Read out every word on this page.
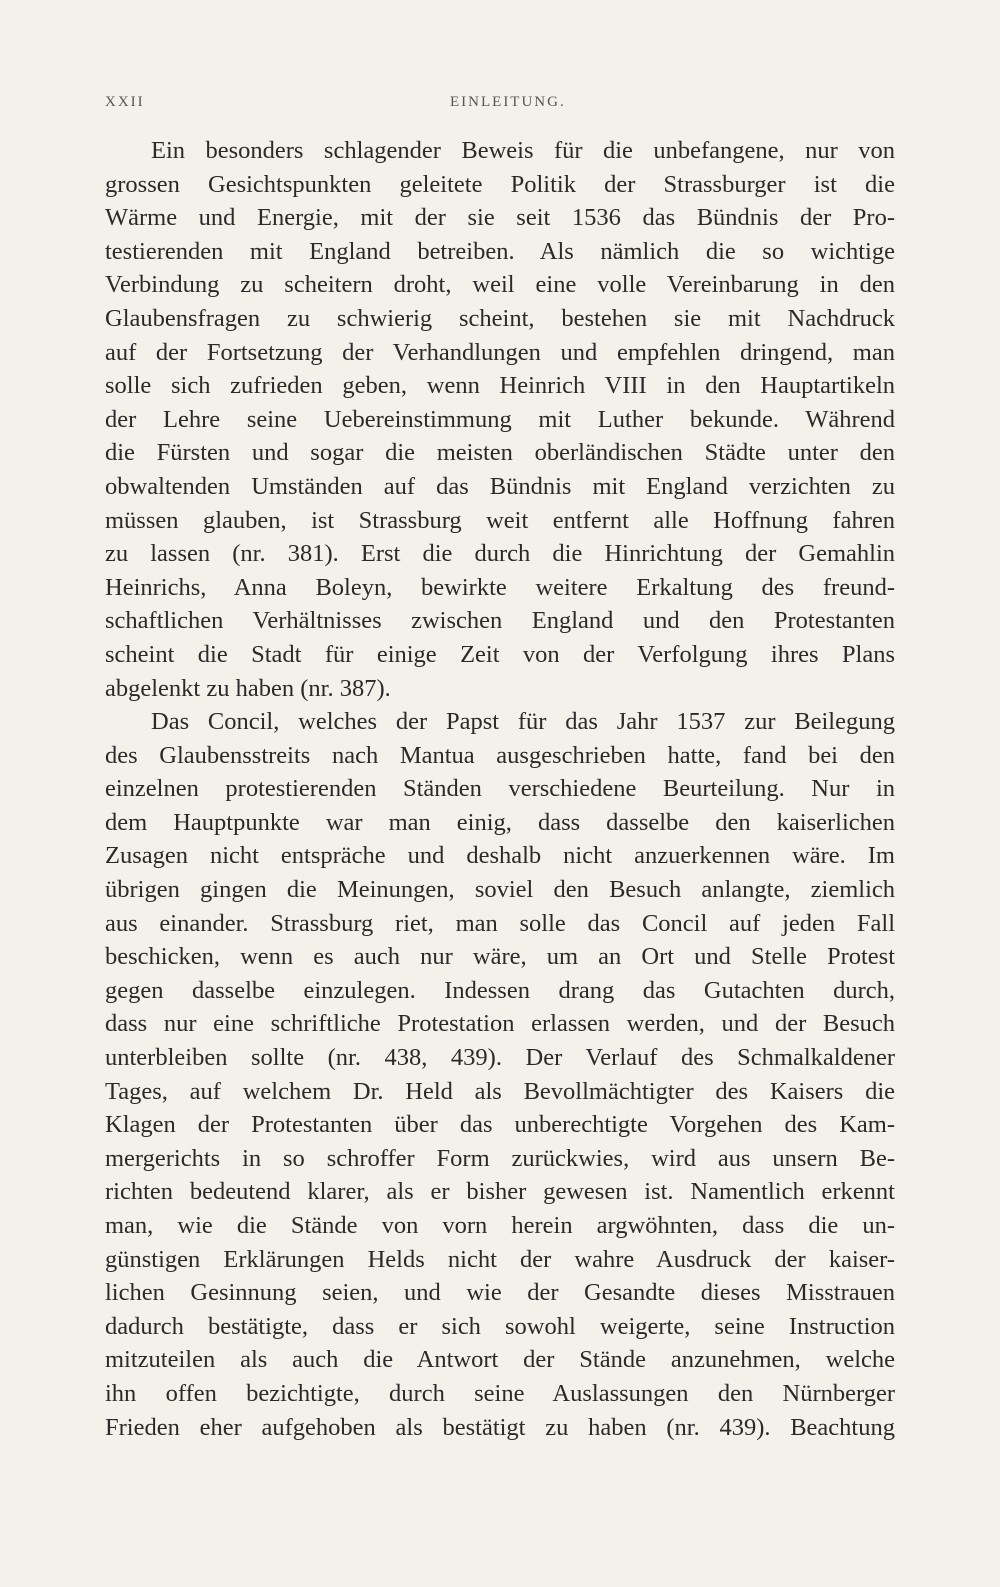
XXII	EINLEITUNG.
Ein besonders schlagender Beweis für die unbefangene, nur von
grossen Gesichtspunkten geleitete Politik der Strassburger ist die
Wärme und Energie, mit der sie seit 1536 das Bündnis der Pro-
testierenden mit England betreiben. Als nämlich die so wichtige
Verbindung zu scheitern droht, weil eine volle Vereinbarung in den
Glaubensfragen zu schwierig scheint, bestehen sie mit Nachdruck
auf der Fortsetzung der Verhandlungen und empfehlen dringend, man
solle sich zufrieden geben, wenn Heinrich VIII in den Hauptartikeln
der Lehre seine Uebereinstimmung mit Luther bekunde. Während
die Fürsten und sogar die meisten oberländischen Städte unter den
obwaltenden Umständen auf das Bündnis mit England verzichten zu
müssen glauben, ist Strassburg weit entfernt alle Hoffnung fahren
zu lassen (nr. 381). Erst die durch die Hinrichtung der Gemahlin
Heinrichs, Anna Boleyn, bewirkte weitere Erkaltung des freund-
schaftlichen Verhältnisses zwischen England und den Protestanten
scheint die Stadt für einige Zeit von der Verfolgung ihres Plans
abgelenkt zu haben (nr. 387).
Das Concil, welches der Papst für das Jahr 1537 zur Beilegung
des Glaubensstreits nach Mantua ausgeschrieben hatte, fand bei den
einzelnen protestierenden Ständen verschiedene Beurteilung. Nur in
dem Hauptpunkte war man einig, dass dasselbe den kaiserlichen
Zusagen nicht entspräche und deshalb nicht anzuerkennen wäre. Im
übrigen gingen die Meinungen, soviel den Besuch anlangte, ziemlich
aus einander. Strassburg riet, man solle das Concil auf jeden Fall
beschicken, wenn es auch nur wäre, um an Ort und Stelle Protest
gegen dasselbe einzulegen. Indessen drang das Gutachten durch,
dass nur eine schriftliche Protestation erlassen werden, und der Besuch
unterbleiben sollte (nr. 438, 439). Der Verlauf des Schmalkaldener
Tages, auf welchem Dr. Held als Bevollmächtigter des Kaisers die
Klagen der Protestanten über das unberechtigte Vorgehen des Kam-
mergerichts in so schroffer Form zurückwies, wird aus unsern Be-
richten bedeutend klarer, als er bisher gewesen ist. Namentlich erkennt
man, wie die Stände von vorn herein argwöhnten, dass die un-
günstigen Erklärungen Helds nicht der wahre Ausdruck der kaiser-
lichen Gesinnung seien, und wie der Gesandte dieses Misstrauen
dadurch bestätigte, dass er sich sowohl weigerte, seine Instruction
mitzuteilen als auch die Antwort der Stände anzunehmen, welche
ihn offen bezichtigte, durch seine Auslassungen den Nürnberger
Frieden eher aufgehoben als bestätigt zu haben (nr. 439). Beachtung
